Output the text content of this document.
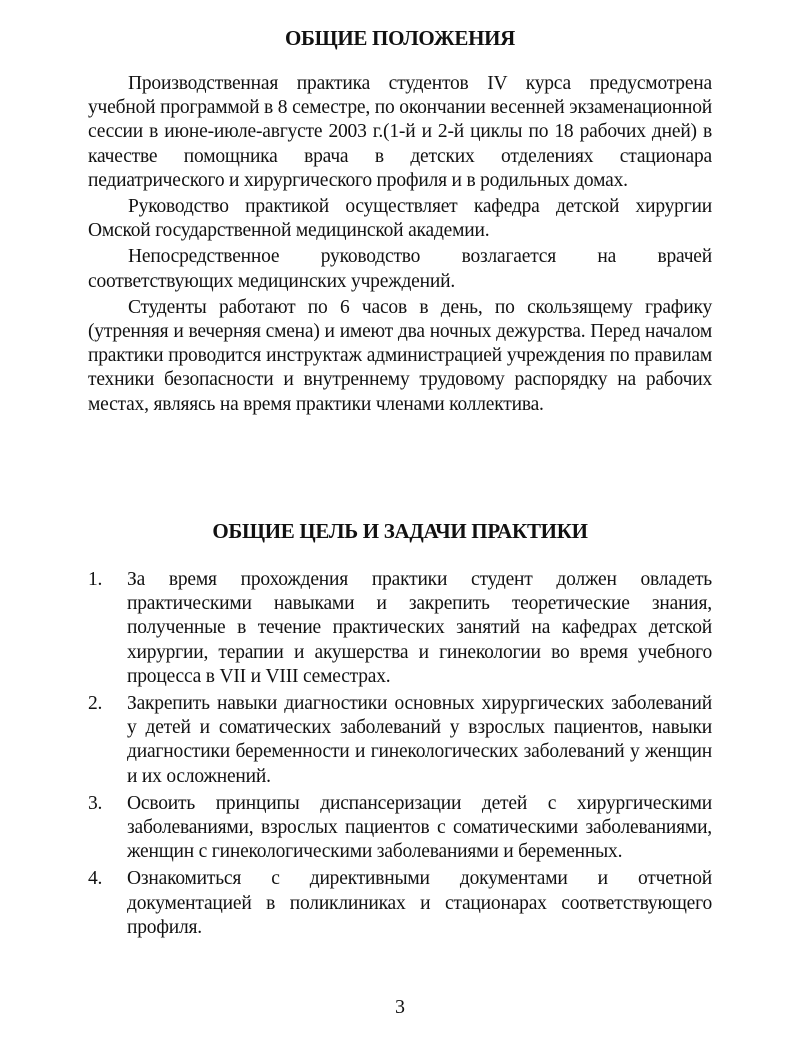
ОБЩИЕ ПОЛОЖЕНИЯ

Производственная практика студентов IV курса предусмотрена учебной программой в 8 семестре, по окончании весенней экзаменационной сессии в июне-июле-августе 2003 г.(1-й и 2-й циклы по 18 рабочих дней) в качестве помощника врача в детских отделениях стационара педиатрического и хирургического профиля и в родильных домах.

Руководство практикой осуществляет кафедра детской хирургии Омской государственной медицинской академии.

Непосредственное руководство возлагается на врачей соответствующих медицинских учреждений.

Студенты работают по 6 часов в день, по скользящему графику (утренняя и вечерняя смена) и имеют два ночных дежурства. Перед началом практики проводится инструктаж администрацией учреждения по правилам техники безопасности и внутреннему трудовому распорядку на рабочих местах, являясь на время практики членами коллектива.

ОБЩИЕ ЦЕЛЬ И ЗАДАЧИ ПРАКТИКИ
1. За время прохождения практики студент должен овладеть практическими навыками и закрепить теоретические знания, полученные в течение практических занятий на кафедрах детской хирургии, терапии и акушерства и гинекологии во время учебного процесса в VII и VIII семестрах.
2. Закрепить навыки диагностики основных хирургических заболеваний у детей и соматических заболеваний у взрослых пациентов, навыки диагностики беременности и гинекологических заболеваний у женщин и их осложнений.
3. Освоить принципы диспансеризации детей с хирургическими заболеваниями, взрослых пациентов с соматическими заболеваниями, женщин с гинекологическими заболеваниями и беременных.
4. Ознакомиться с директивными документами и отчетной документацией в поликлиниках и стационарах соответствующего профиля.
3
